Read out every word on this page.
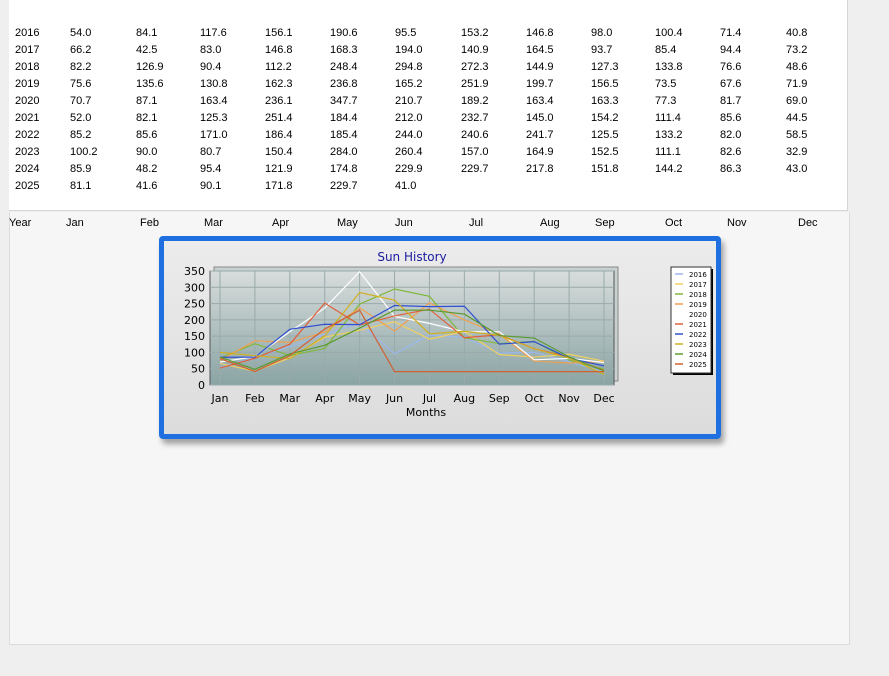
2016	54.0	84.1	117.6	156.1	190.6	95.5	153.2	146.8	98.0	100.4	71.4	40.8
2017	66.2	42.5	83.0	146.8	168.3	194.0	140.9	164.5	93.7	85.4	94.4	73.2
2018	82.2	126.9	90.4	112.2	248.4	294.8	272.3	144.9	127.3	133.8	76.6	48.6
2019	75.6	135.6	130.8	162.3	236.8	165.2	251.9	199.7	156.5	73.5	67.6	71.9
2020	70.7	87.1	163.4	236.1	347.7	210.7	189.2	163.4	163.3	77.3	81.7	69.0
2021	52.0	82.1	125.3	251.4	184.4	212.0	232.7	145.0	154.2	111.4	85.6	44.5
2022	85.2	85.6	171.0	186.4	185.4	244.0	240.6	241.7	125.5	133.2	82.0	58.5
2023	100.2	90.0	80.7	150.4	284.0	260.4	157.0	164.9	152.5	111.1	82.6	32.9
2024	85.9	48.2	95.4	121.9	174.8	229.9	229.7	217.8	151.8	144.2	86.3	43.0
2025	81.1	41.6	90.1	171.8	229.7	41.0
Year	Jan	Feb	Mar	Apr	May	Jun	Jul	Aug	Sep	Oct	Nov	Dec
Sun History
0
50
100
150
200
250
300
350
Jan Feb Mar Apr May Jun Jul Aug Sep Oct Nov Dec
Months
2016
2017
2018
2019
2020
2021
2022
2023
2024
2025
